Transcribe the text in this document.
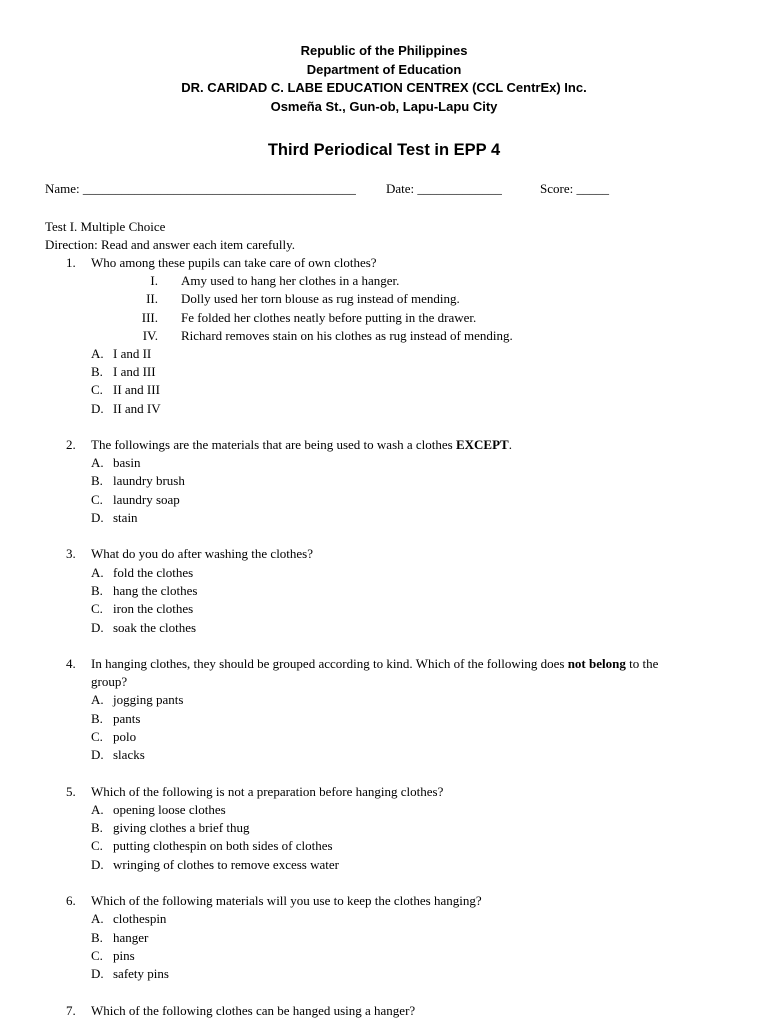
Republic of the Philippines
Department of Education
DR. CARIDAD C. LABE EDUCATION CENTREX (CCL CentrEx) Inc.
Osmeña St., Gun-ob, Lapu-Lapu City
Third Periodical Test in EPP 4
Name: __________________________________________ Date: _____________	Score: _____
Test I. Multiple Choice
Direction: Read and answer each item carefully.
1. Who among these pupils can take care of own clothes?
I. Amy used to hang her clothes in a hanger.
II. Dolly used her torn blouse as rug instead of mending.
III. Fe folded her clothes neatly before putting in the drawer.
IV. Richard removes stain on his clothes as rug instead of mending.
A. I and II
B. I and III
C. II and III
D. II and IV
2. The followings are the materials that are being used to wash a clothes EXCEPT.
A. basin
B. laundry brush
C. laundry soap
D. stain
3. What do you do after washing the clothes?
A. fold the clothes
B. hang the clothes
C. iron the clothes
D. soak the clothes
4. In hanging clothes, they should be grouped according to kind. Which of the following does not belong to the
group?
A. jogging pants
B. pants
C. polo
D. slacks
5. Which of the following is not a preparation before hanging clothes?
A. opening loose clothes
B. giving clothes a brief thug
C. putting clothespin on both sides of clothes
D. wringing of clothes to remove excess water
6. Which of the following materials will you use to keep the clothes hanging?
A. clothespin
B. hanger
C. pins
D. safety pins
7. Which of the following clothes can be hanged using a hanger?
